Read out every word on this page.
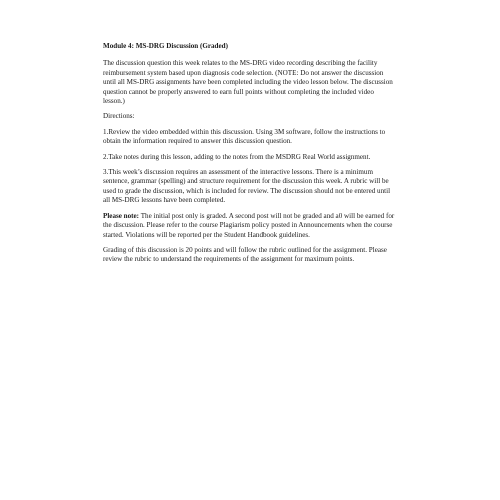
Module 4: MS-DRG Discussion (Graded)

The discussion question this week relates to the MS-DRG video recording describing the facility reimbursement system based upon diagnosis code selection. (NOTE: Do not answer the discussion until all MS-DRG assignments have been completed including the video lesson below. The discussion question cannot be properly answered to earn full points without completing the included video lesson.)

Directions:

1.Review the video embedded within this discussion. Using 3M software, follow the instructions to obtain the information required to answer this discussion question.

2.Take notes during this lesson, adding to the notes from the MSDRG Real World assignment.

3.This week’s discussion requires an assessment of the interactive lessons. There is a minimum sentence, grammar (spelling) and structure requirement for the discussion this week. A rubric will be used to grade the discussion, which is included for review. The discussion should not be entered until all MS-DRG lessons have been completed.

Please note: The initial post only is graded. A second post will not be graded and a0 will be earned for the discussion. Please refer to the course Plagiarism policy posted in Announcements when the course started. Violations will be reported per the Student Handbook guidelines.

Grading of this discussion is 20 points and will follow the rubric outlined for the assignment. Please review the rubric to understand the requirements of the assignment for maximum points.
